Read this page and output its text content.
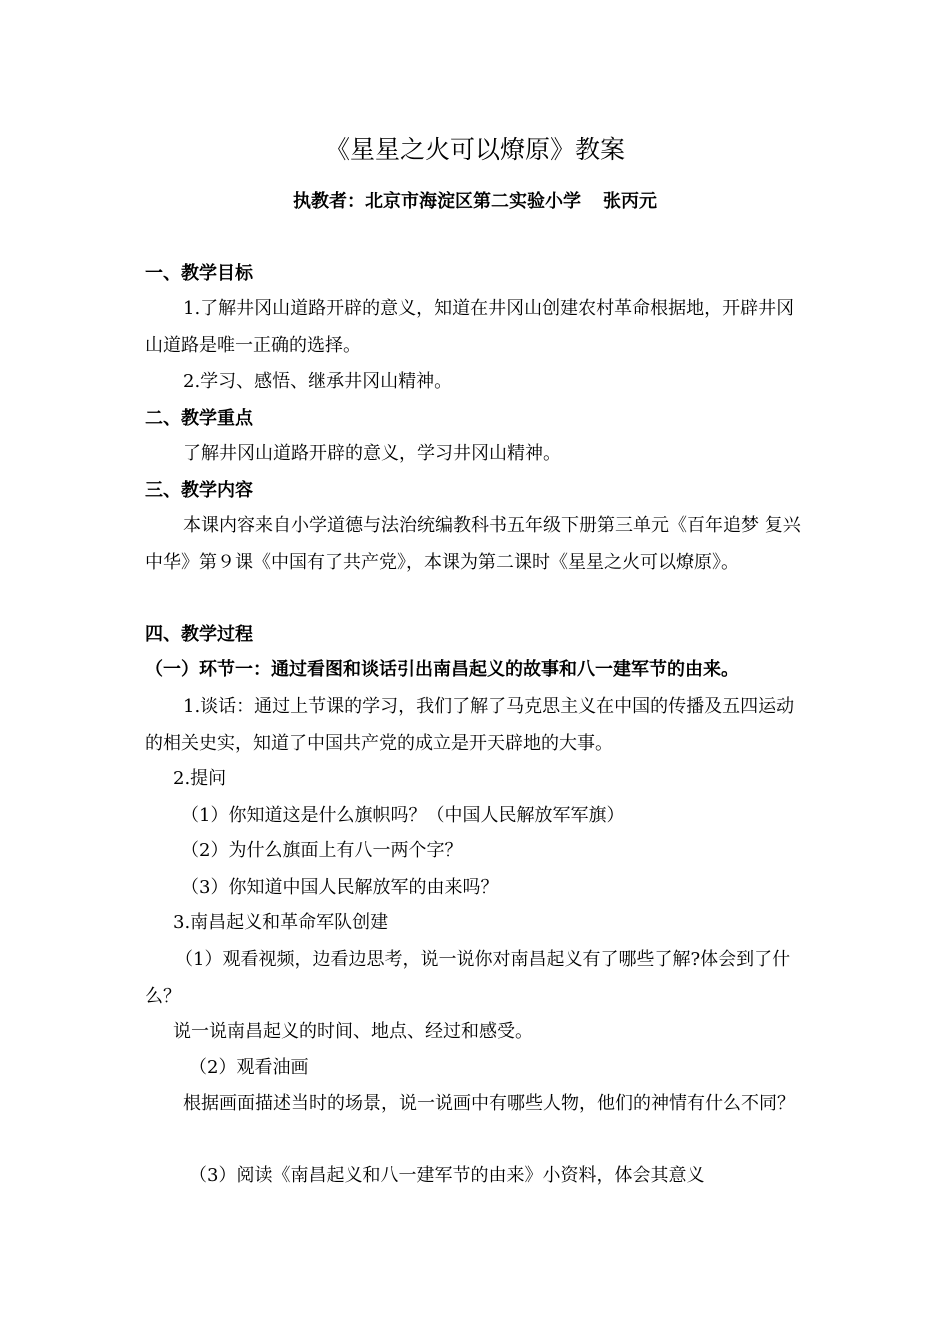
《星星之火可以燎原》教案
执教者：北京市海淀区第二实验小学 张丙元

一、教学目标

1.了解井冈山道路开辟的意义，知道在井冈山创建农村革命根据地，开辟井冈山道路是唯一正确的选择。

2.学习、感悟、继承井冈山精神。

二、教学重点

了解井冈山道路开辟的意义，学习井冈山精神。

三、教学内容

本课内容来自小学道德与法治统编教科书五年级下册第三单元《百年追梦 复兴中华》第９课《中国有了共产党》，本课为第二课时《星星之火可以燎原》。

四、教学过程

（一）环节一：通过看图和谈话引出南昌起义的故事和八一建军节的由来。

1.谈话：通过上节课的学习，我们了解了马克思主义在中国的传播及五四运动的相关史实，知道了中国共产党的成立是开天辟地的大事。

2.提问

（1）你知道这是什么旗帜吗？（中国人民解放军军旗）

（2）为什么旗面上有八一两个字？

（3）你知道中国人民解放军的由来吗？

3.南昌起义和革命军队创建

（1）观看视频，边看边思考，说一说你对南昌起义有了哪些了解?体会到了什么？

说一说南昌起义的时间、地点、经过和感受。

（2）观看油画

根据画面描述当时的场景，说一说画中有哪些人物，他们的神情有什么不同？

（3）阅读《南昌起义和八一建军节的由来》小资料，体会其意义
